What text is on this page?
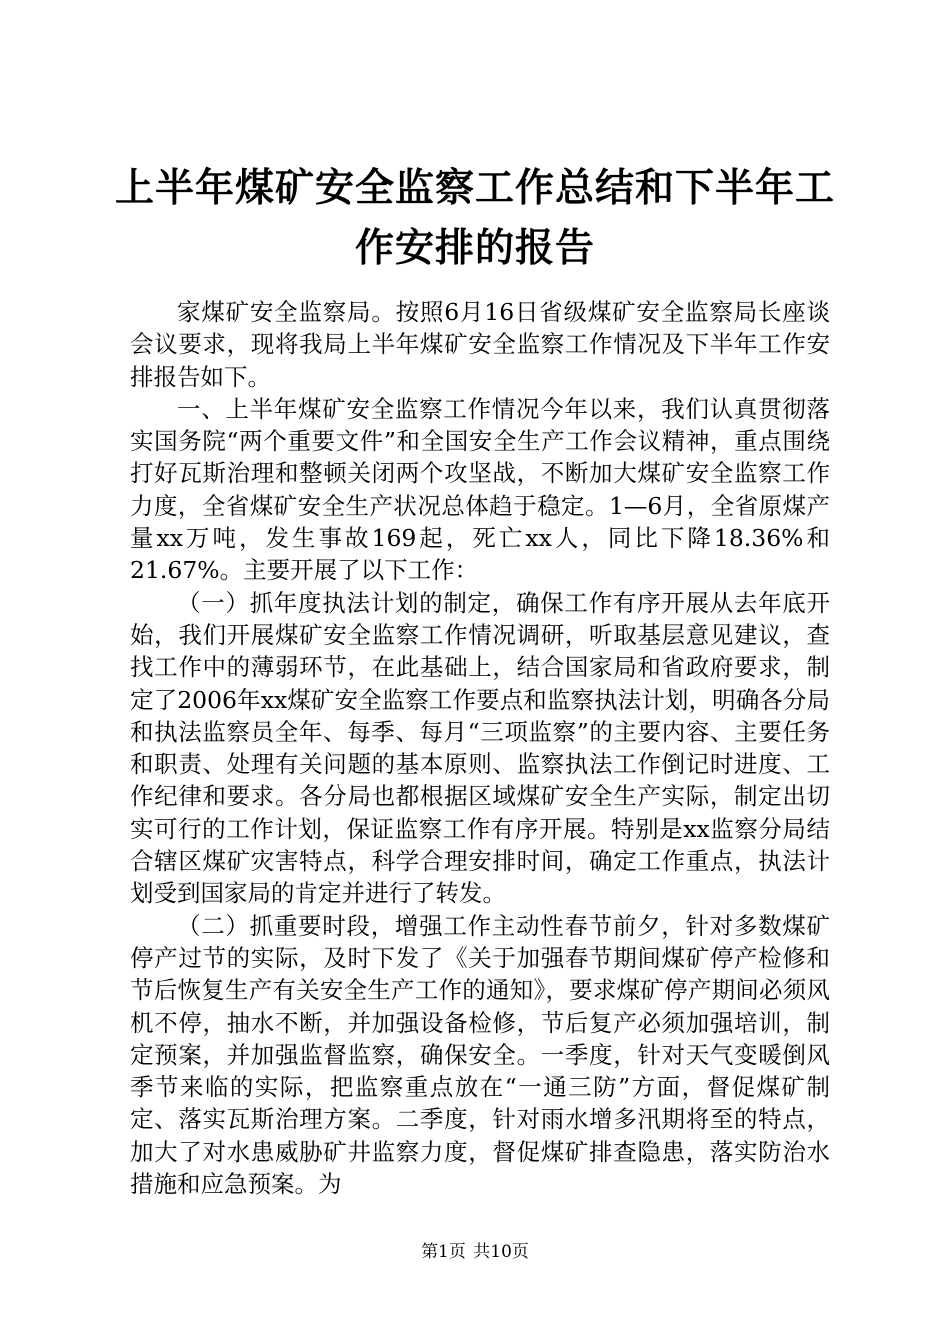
上半年煤矿安全监察工作总结和下半年工作安排的报告

家煤矿安全监察局。按照6月16日省级煤矿安全监察局长座谈会议要求，现将我局上半年煤矿安全监察工作情况及下半年工作安排报告如下。

一、上半年煤矿安全监察工作情况今年以来，我们认真贯彻落实国务院“两个重要文件”和全国安全生产工作会议精神，重点围绕打好瓦斯治理和整顿关闭两个攻坚战，不断加大煤矿安全监察工作力度，全省煤矿安全生产状况总体趋于稳定。1—6月，全省原煤产量xx万吨，发生事故169起，死亡xx人，同比下降18.36%和21.67%。主要开展了以下工作：

（一）抓年度执法计划的制定，确保工作有序开展从去年底开始，我们开展煤矿安全监察工作情况调研，听取基层意见建议，查找工作中的薄弱环节，在此基础上，结合国家局和省政府要求，制定了2006年xx煤矿安全监察工作要点和监察执法计划，明确各分局和执法监察员全年、每季、每月“三项监察”的主要内容、主要任务和职责、处理有关问题的基本原则、监察执法工作倒记时进度、工作纪律和要求。各分局也都根据区域煤矿安全生产实际，制定出切实可行的工作计划，保证监察工作有序开展。特别是xx监察分局结合辖区煤矿灾害特点，科学合理安排时间，确定工作重点，执法计划受到国家局的肯定并进行了转发。

（二）抓重要时段，增强工作主动性春节前夕，针对多数煤矿停产过节的实际，及时下发了《关于加强春节期间煤矿停产检修和节后恢复生产有关安全生产工作的通知》，要求煤矿停产期间必须风机不停，抽水不断，并加强设备检修，节后复产必须加强培训，制定预案，并加强监督监察，确保安全。一季度，针对天气变暖倒风季节来临的实际，把监察重点放在“一通三防”方面，督促煤矿制定、落实瓦斯治理方案。二季度，针对雨水增多汛期将至的特点，加大了对水患威胁矿井监察力度，督促煤矿排查隐患，落实防治水措施和应急预案。为

第1页 共10页
